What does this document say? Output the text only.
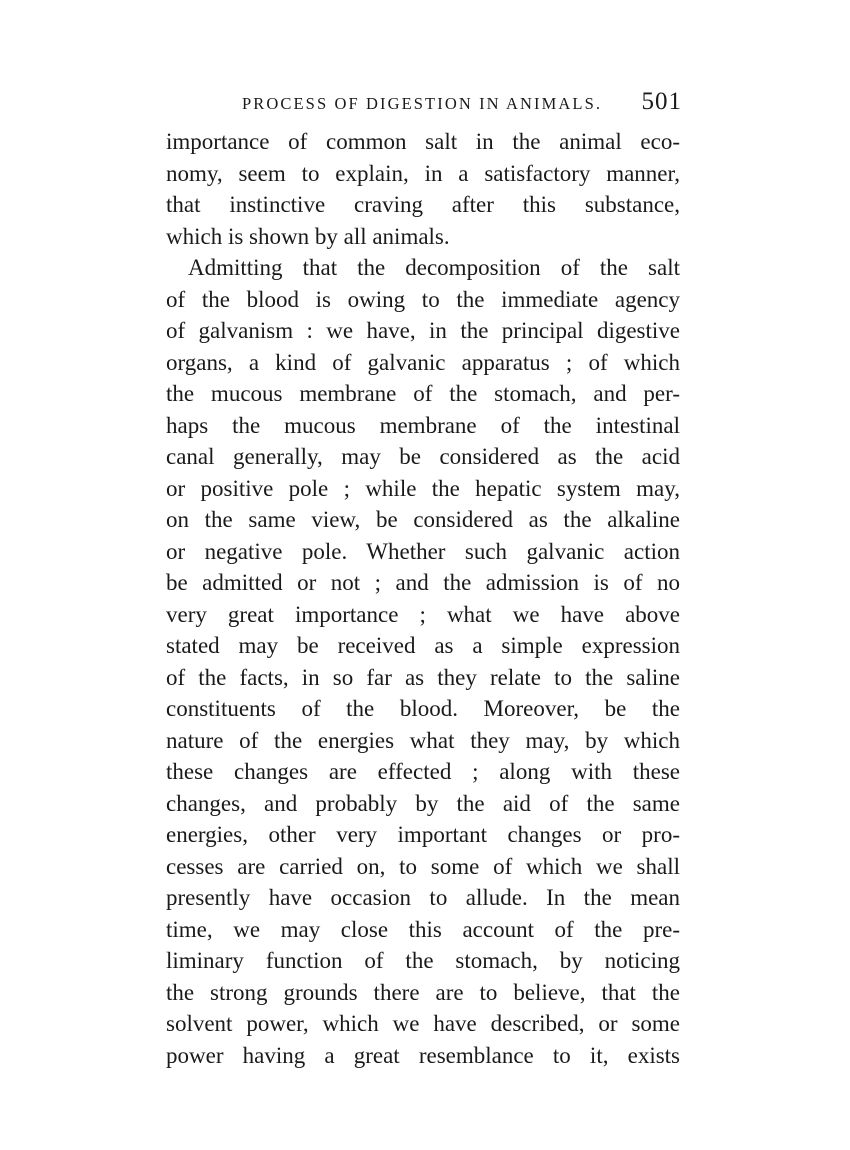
PROCESS OF DIGESTION IN ANIMALS. 501
importance of common salt in the animal eco-
nomy, seem to explain, in a satisfactory manner,
that instinctive craving after this substance,
which is shown by all animals.
Admitting that the decomposition of the salt
of the blood is owing to the immediate agency
of galvanism : we have, in the principal digestive
organs, a kind of galvanic apparatus ; of which
the mucous membrane of the stomach, and per-
haps the mucous membrane of the intestinal
canal generally, may be considered as the acid
or positive pole ; while the hepatic system may,
on the same view, be considered as the alkaline
or negative pole. Whether such galvanic action
be admitted or not ; and the admission is of no
very great importance ; what we have above
stated may be received as a simple expression
of the facts, in so far as they relate to the saline
constituents of the blood. Moreover, be the
nature of the energies what they may, by which
these changes are effected ; along with these
changes, and probably by the aid of the same
energies, other very important changes or pro-
cesses are carried on, to some of which we shall
presently have occasion to allude. In the mean
time, we may close this account of the pre-
liminary function of the stomach, by noticing
the strong grounds there are to believe, that the
solvent power, which we have described, or some
power having a great resemblance to it, exists
